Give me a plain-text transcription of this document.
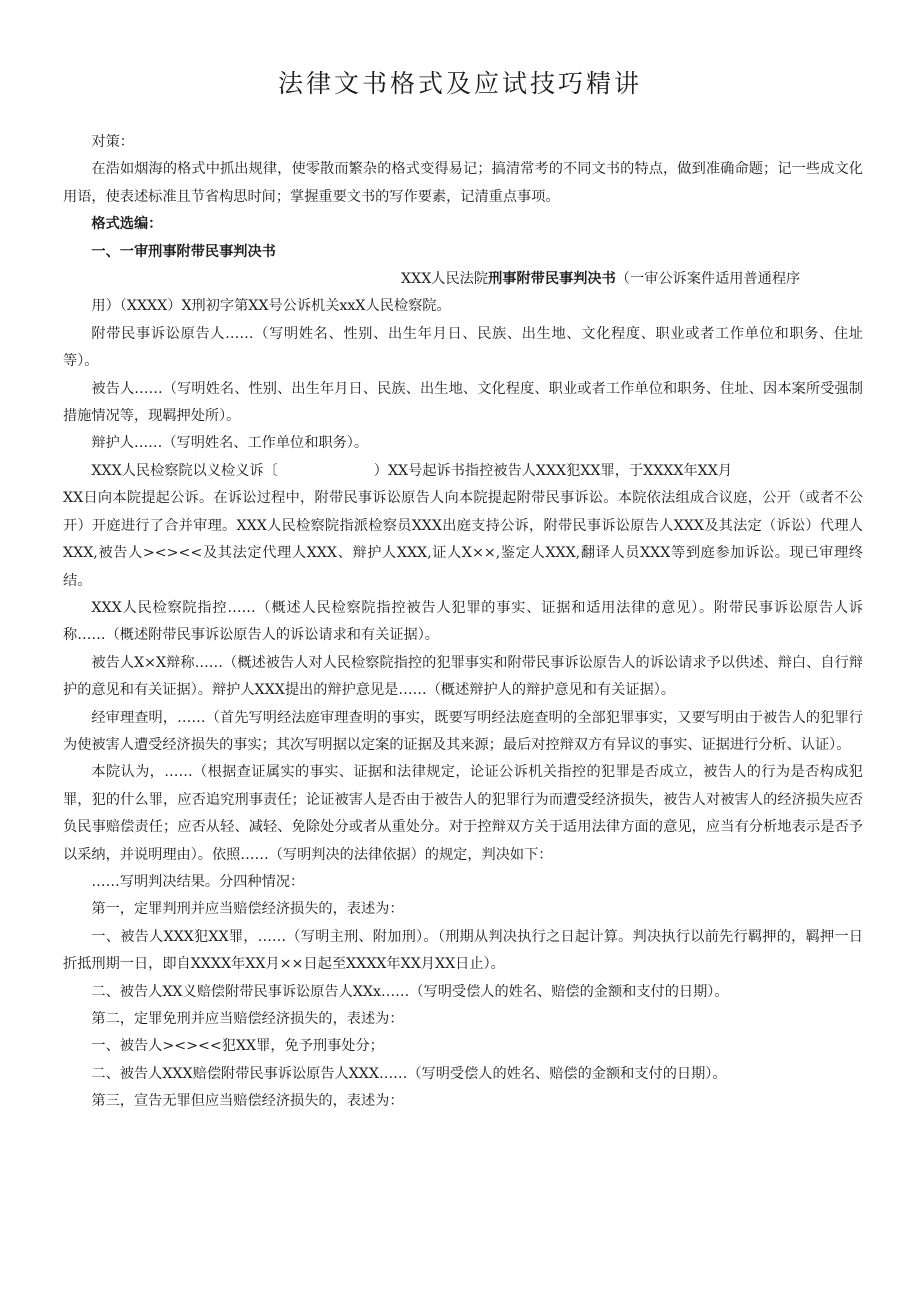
法律文书格式及应试技巧精讲

对策：

在浩如烟海的格式中抓出规律，使零散而繁杂的格式变得易记；搞清常考的不同文书的特点，做到准确命题；记一些成文化用语，使表述标准且节省构思时间；掌握重要文书的写作要素，记清重点事项。

格式选编：

一、一审刑事附带民事判决书

XXX人民法院刑事附带民事判决书（一审公诉案件适用普通程序

用）（XXXX）X刑初字第XX号公诉机关xxX人民检察院。

附带民事诉讼原告人……（写明姓名、性别、出生年月日、民族、出生地、文化程度、职业或者工作单位和职务、住址等）。

被告人……（写明姓名、性别、出生年月日、民族、出生地、文化程度、职业或者工作单位和职务、住址、因本案所受强制措施情况等，现羁押处所）。

辩护人……（写明姓名、工作单位和职务）。

XXX人民检察院以义检义诉〔	）XX号起诉书指控被告人XXX犯XX罪，于XXXX年XX月

XX日向本院提起公诉。在诉讼过程中，附带民事诉讼原告人向本院提起附带民事诉讼。本院依法组成合议庭，公开（或者不公开）开庭进行了合并审理。XXX人民检察院指派检察员XXX出庭支持公诉，附带民事诉讼原告人XXX及其法定（诉讼）代理人XXX,被告人><><<及其法定代理人XXX、辩护人XXX,证人X××,鉴定人XXX,翻译人员XXX等到庭参加诉讼。现已审理终结。

XXX人民检察院指控……（概述人民检察院指控被告人犯罪的事实、证据和适用法律的意见）。附带民事诉讼原告人诉称……（概述附带民事诉讼原告人的诉讼请求和有关证据）。

被告人X×X辩称……（概述被告人对人民检察院指控的犯罪事实和附带民事诉讼原告人的诉讼请求予以供述、辩白、自行辩护的意见和有关证据）。辩护人XXX提出的辩护意见是……（概述辩护人的辩护意见和有关证据）。

经审理查明，……（首先写明经法庭审理查明的事实，既要写明经法庭查明的全部犯罪事实，又要写明由于被告人的犯罪行为使被害人遭受经济损失的事实；其次写明据以定案的证据及其来源；最后对控辩双方有异议的事实、证据进行分析、认证）。

本院认为，……（根据查证属实的事实、证据和法律规定，论证公诉机关指控的犯罪是否成立，被告人的行为是否构成犯罪，犯的什么罪，应否追究刑事责任；论证被害人是否由于被告人的犯罪行为而遭受经济损失，被告人对被害人的经济损失应否负民事赔偿责任；应否从轻、减轻、免除处分或者从重处分。对于控辩双方关于适用法律方面的意见，应当有分析地表示是否予以采纳，并说明理由）。依照……（写明判决的法律依据）的规定，判决如下：

……写明判决结果。分四种情况：

第一，定罪判刑并应当赔偿经济损失的，表述为：

一、被告人XXX犯XX罪，……（写明主刑、附加刑）。（刑期从判决执行之日起计算。判决执行以前先行羁押的，羁押一日折抵刑期一日，即自XXXX年XX月××日起至XXXX年XX月XX日止）。

二、被告人XX义赔偿附带民事诉讼原告人XXx……（写明受偿人的姓名、赔偿的金额和支付的日期）。

第二，定罪免刑并应当赔偿经济损失的，表述为：

一、被告人><><<犯XX罪，免予刑事处分；

二、被告人XXX赔偿附带民事诉讼原告人XXX……（写明受偿人的姓名、赔偿的金额和支付的日期）。

第三，宣告无罪但应当赔偿经济损失的，表述为：
